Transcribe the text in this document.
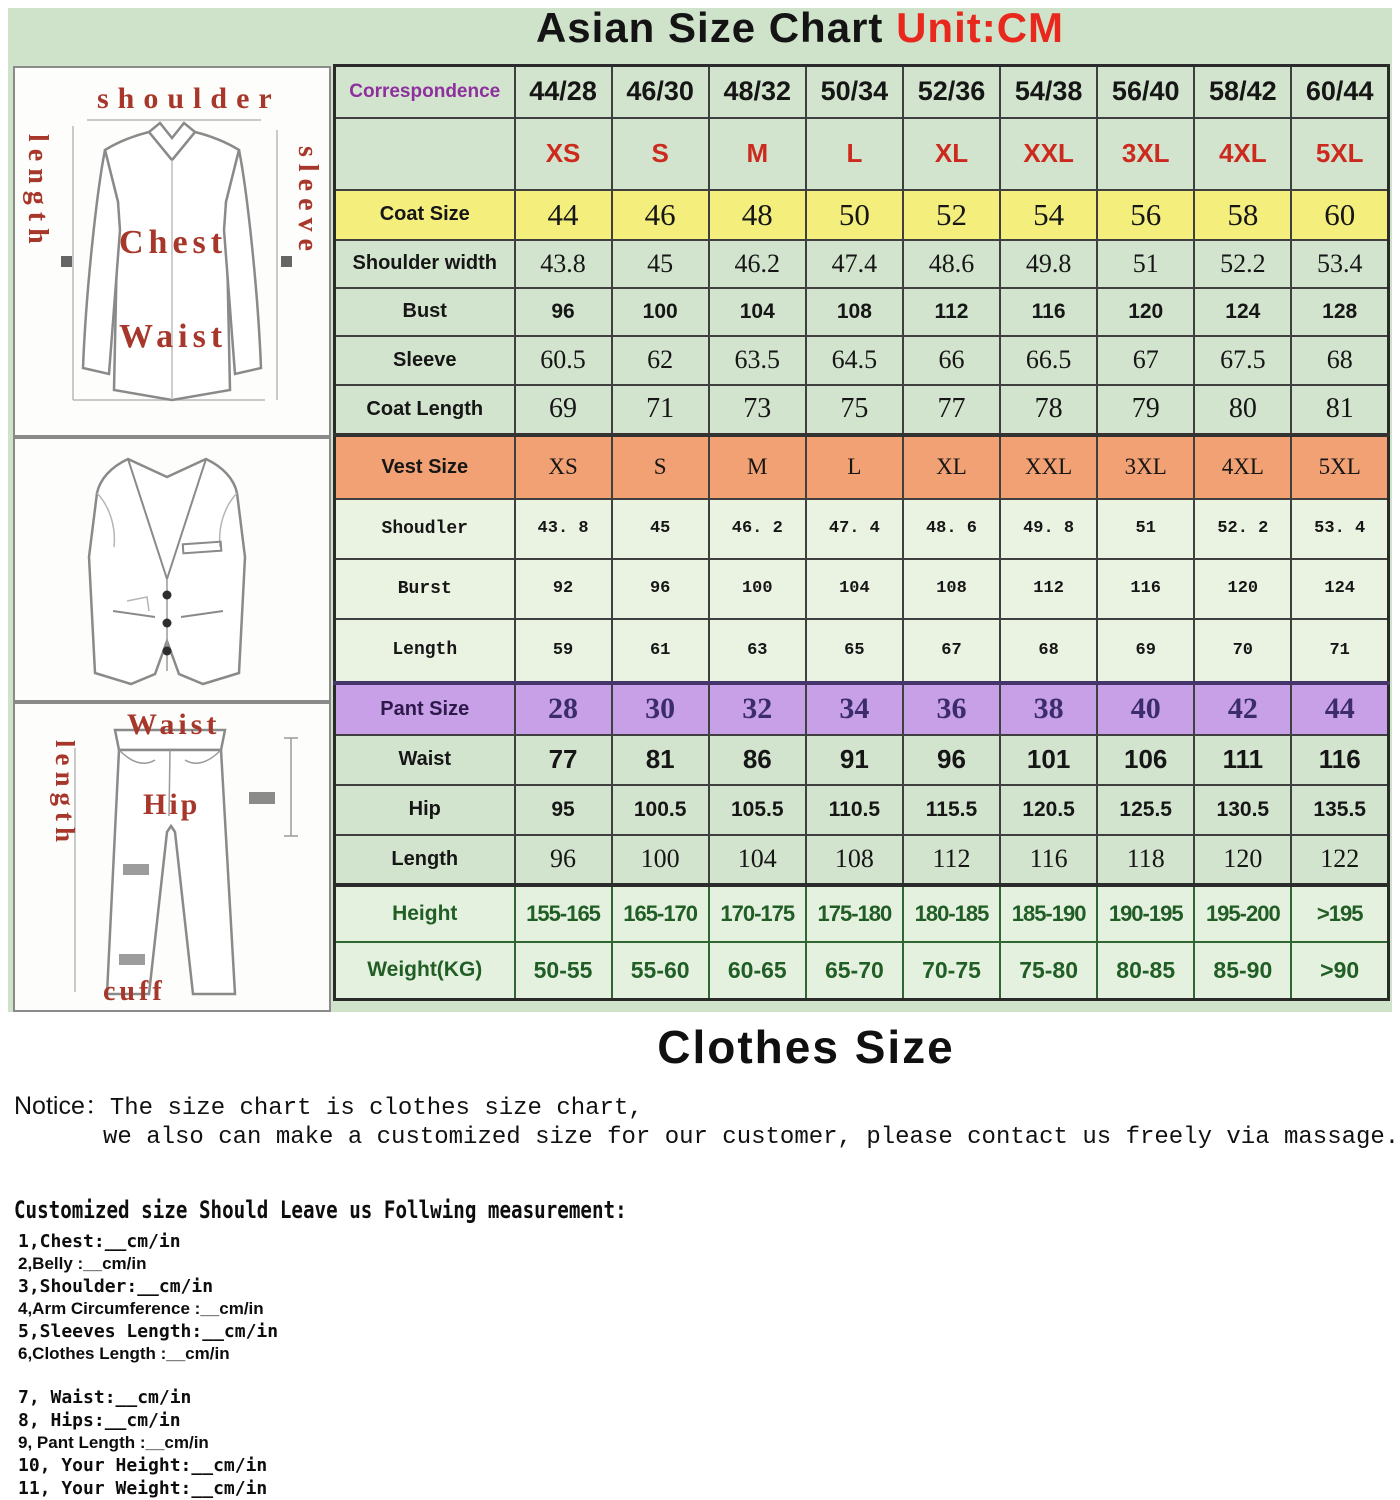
Asian Size Chart Unit:CM
shoulder
length	sleeve
Chest
Waist
Waist
length Hip
cuff
Correspondence	44/28	46/30	48/32	50/34	52/36	54/38	56/40	58/42	60/44
	XS	S	M	L	XL	XXL	3XL	4XL	5XL
Coat Size	44	46	48	50	52	54	56	58	60
Shoulder width	43.8	45	46.2	47.4	48.6	49.8	51	52.2	53.4
Bust	96	100	104	108	112	116	120	124	128
Sleeve	60.5	62	63.5	64.5	66	66.5	67	67.5	68
Coat Length	69	71	73	75	77	78	79	80	81
Vest Size	XS	S	M	L	XL	XXL	3XL	4XL	5XL
Shoudler	43. 8	45	46. 2	47. 4	48. 6	49. 8	51	52. 2	53. 4
Burst	92	96	100	104	108	112	116	120	124
Length	59	61	63	65	67	68	69	70	71
Pant Size	28	30	32	34	36	38	40	42	44
Waist	77	81	86	91	96	101	106	111	116
Hip	95	100.5	105.5	110.5	115.5	120.5	125.5	130.5	135.5
Length	96	100	104	108	112	116	118	120	122
Height	155-165	165-170	170-175	175-180	180-185	185-190	190-195	195-200	>195
Weight(KG)	50-55	55-60	60-65	65-70	70-75	75-80	80-85	85-90	>90
Clothes Size
Notice：The size chart is clothes size chart,
we also can make a customized size for our customer, please contact us freely via massage.
Customized size Should Leave us Follwing measurement:
1,Chest:__cm/in
2,Belly :__cm/in
3,Shoulder:__cm/in
4,Arm Circumference :__cm/in
5,Sleeves Length:__cm/in
6,Clothes Length :__cm/in
7, Waist:__cm/in
8, Hips:__cm/in
9, Pant Length :__cm/in
10, Your Height:__cm/in
11, Your Weight:__cm/in
